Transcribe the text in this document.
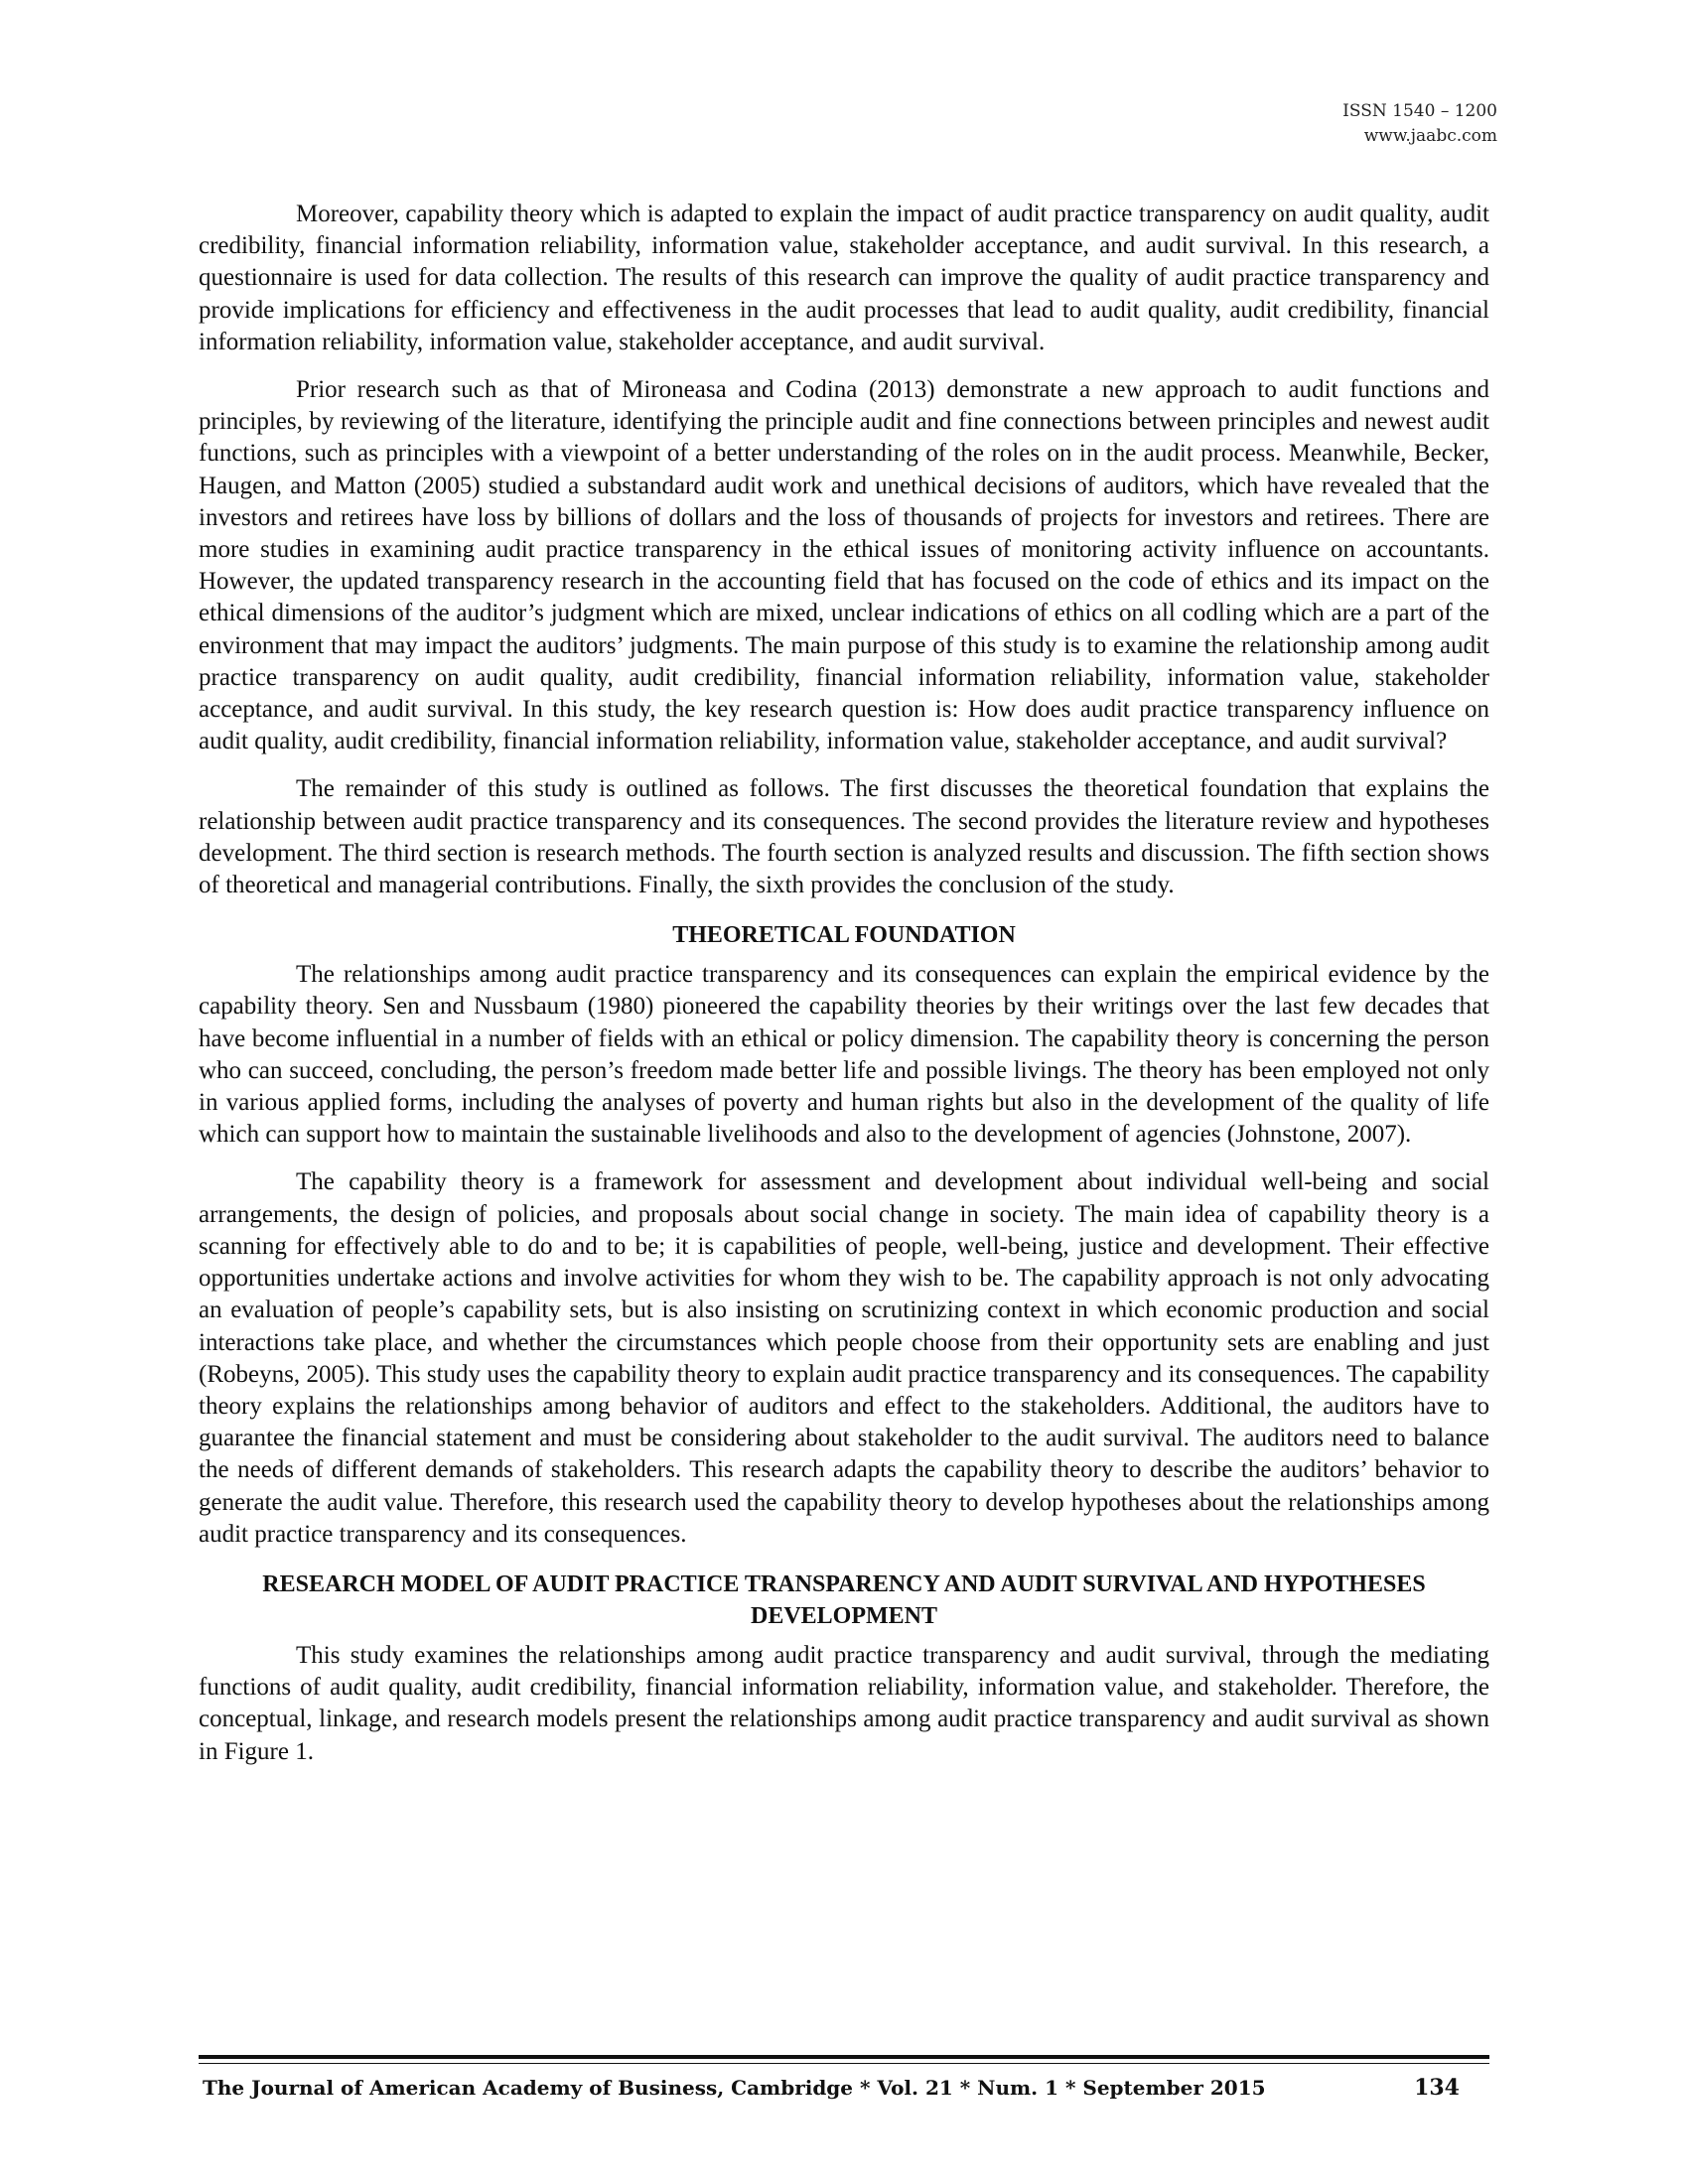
ISSN 1540 – 1200
www.jaabc.com

Moreover, capability theory which is adapted to explain the impact of audit practice transparency on audit quality, audit credibility, financial information reliability, information value, stakeholder acceptance, and audit survival. In this research, a questionnaire is used for data collection. The results of this research can improve the quality of audit practice transparency and provide implications for efficiency and effectiveness in the audit processes that lead to audit quality, audit credibility, financial information reliability, information value, stakeholder acceptance, and audit survival.

Prior research such as that of Mironeasa and Codina (2013) demonstrate a new approach to audit functions and principles, by reviewing of the literature, identifying the principle audit and fine connections between principles and newest audit functions, such as principles with a viewpoint of a better understanding of the roles on in the audit process. Meanwhile, Becker, Haugen, and Matton (2005) studied a substandard audit work and unethical decisions of auditors, which have revealed that the investors and retirees have loss by billions of dollars and the loss of thousands of projects for investors and retirees. There are more studies in examining audit practice transparency in the ethical issues of monitoring activity influence on accountants. However, the updated transparency research in the accounting field that has focused on the code of ethics and its impact on the ethical dimensions of the auditor’s judgment which are mixed, unclear indications of ethics on all codling which are a part of the environment that may impact the auditors’ judgments. The main purpose of this study is to examine the relationship among audit practice transparency on audit quality, audit credibility, financial information reliability, information value, stakeholder acceptance, and audit survival. In this study, the key research question is: How does audit practice transparency influence on audit quality, audit credibility, financial information reliability, information value, stakeholder acceptance, and audit survival?

The remainder of this study is outlined as follows. The first discusses the theoretical foundation that explains the relationship between audit practice transparency and its consequences. The second provides the literature review and hypotheses development. The third section is research methods. The fourth section is analyzed results and discussion. The fifth section shows of theoretical and managerial contributions. Finally, the sixth provides the conclusion of the study.

THEORETICAL FOUNDATION

The relationships among audit practice transparency and its consequences can explain the empirical evidence by the capability theory. Sen and Nussbaum (1980) pioneered the capability theories by their writings over the last few decades that have become influential in a number of fields with an ethical or policy dimension. The capability theory is concerning the person who can succeed, concluding, the person’s freedom made better life and possible livings. The theory has been employed not only in various applied forms, including the analyses of poverty and human rights but also in the development of the quality of life which can support how to maintain the sustainable livelihoods and also to the development of agencies (Johnstone, 2007).

The capability theory is a framework for assessment and development about individual well-being and social arrangements, the design of policies, and proposals about social change in society. The main idea of capability theory is a scanning for effectively able to do and to be; it is capabilities of people, well-being, justice and development. Their effective opportunities undertake actions and involve activities for whom they wish to be. The capability approach is not only advocating an evaluation of people’s capability sets, but is also insisting on scrutinizing context in which economic production and social interactions take place, and whether the circumstances which people choose from their opportunity sets are enabling and just (Robeyns, 2005). This study uses the capability theory to explain audit practice transparency and its consequences. The capability theory explains the relationships among behavior of auditors and effect to the stakeholders. Additional, the auditors have to guarantee the financial statement and must be considering about stakeholder to the audit survival. The auditors need to balance the needs of different demands of stakeholders. This research adapts the capability theory to describe the auditors’ behavior to generate the audit value. Therefore, this research used the capability theory to develop hypotheses about the relationships among audit practice transparency and its consequences.

RESEARCH MODEL OF AUDIT PRACTICE TRANSPARENCY AND AUDIT SURVIVAL AND HYPOTHESES DEVELOPMENT

This study examines the relationships among audit practice transparency and audit survival, through the mediating functions of audit quality, audit credibility, financial information reliability, information value, and stakeholder. Therefore, the conceptual, linkage, and research models present the relationships among audit practice transparency and audit survival as shown in Figure 1.

The Journal of American Academy of Business, Cambridge * Vol. 21 * Num. 1 * September 2015	134
